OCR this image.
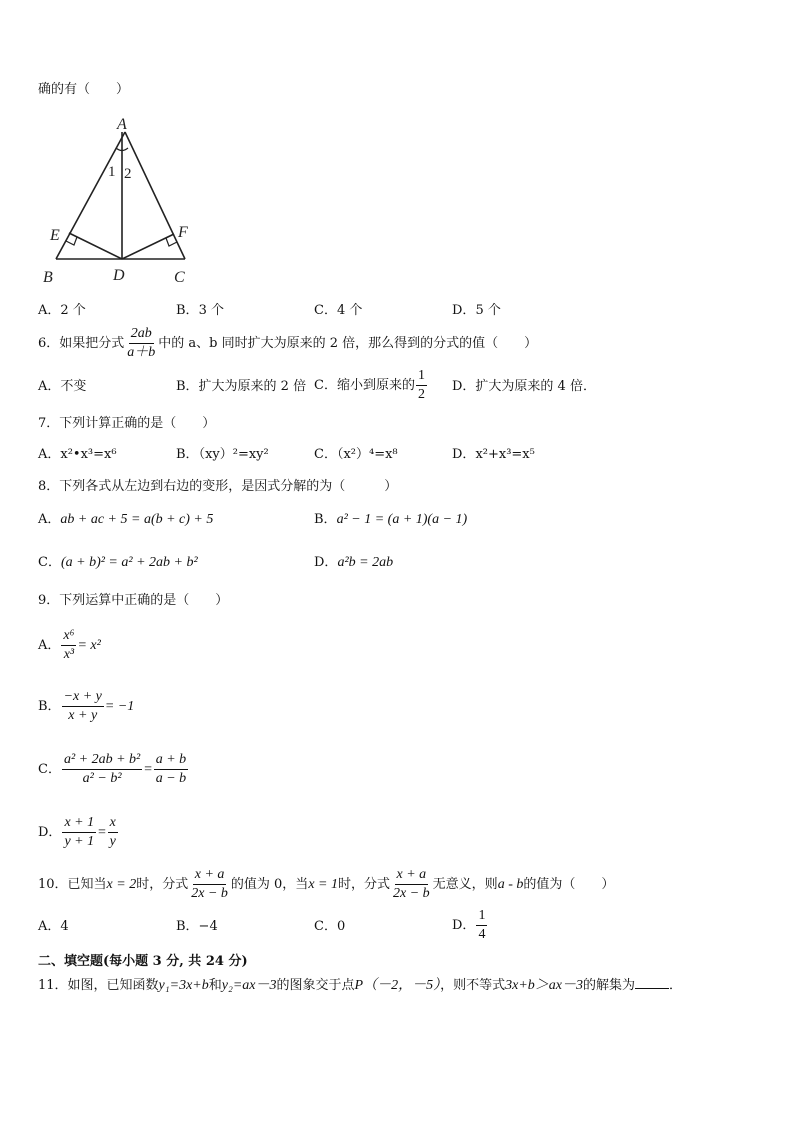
确的有（　　）
A
B	C
D
E	F
1 2
A．2 个	B．3 个	C．4 个	D．5 个
6．如果把分式 $\frac{2ab}{a+b}$ 中的 a、b 同时扩大为原来的 2 倍，那么得到的分式的值（　　）
A．不变	B．扩大为原来的 2 倍 C．缩小到原来的 $\frac{1}{2}$ D．扩大为原来的 4 倍．
7．下列计算正确的是（　　）
A．x²•x³=x⁶	B．（xy）²=xy²	C．（x²）⁴=x⁸	D．x²+x³=x⁵
8．下列各式从左边到右边的变形，是因式分解的为（　　　）
A．ab + ac + 5 = a(b + c) + 5	B．a² − 1 = (a + 1)(a − 1)
C．(a + b)² = a² + 2ab + b²	D．a²b = 2ab
9．下列运算中正确的是（　　）
A． $\frac{\text{x⁶}}{\text{x³}} = x^2$
B． $\frac{-x + y}{x + y} = -1$
C． $\frac{\text{a² + 2ab + b²}}{\text{a² − b²}} = \frac{a + b}{a - b}$
D． $\frac{x + 1}{y + 1} = \frac{x}{y}$
10．已知当x = 2时，分式 $\frac{x + a}{2x - b}$ 的值为 0，当x = 1时，分式 $\frac{x + a}{2x - b}$ 无意义，则a - b的值为（　　）
A．4	B．−4	C．0	D． $\frac{1}{4}$
二、填空题(每小题 3 分, 共 24 分)
11．如图，已知函数y₁=3x+b和y₂=ax－3的图象交于点P（－2，－5），则不等式3x+b＞ax－3的解集为	．
